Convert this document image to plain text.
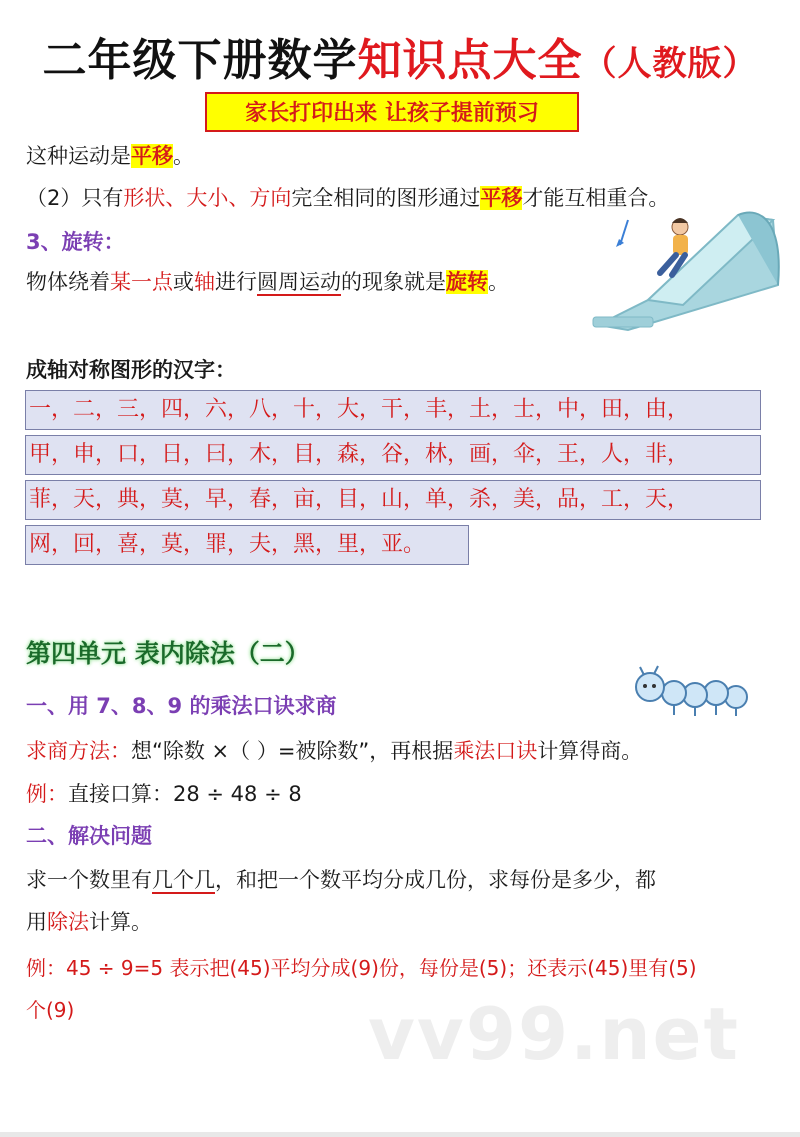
二年级下册数学知识点大全（人教版）
家长打印出来 让孩子提前预习
这种运动是平移。
（2）只有形状、大小、方向完全相同的图形通过平移才能互相重合。
3、旋转：
物体绕着某一点或轴进行圆周运动的现象就是旋转。
成轴对称图形的汉字：
一，二，三，四，六，八，十，大，干，丰，土，士，中，田，由，
甲，申，口，日，曰，木，目，森，谷，林，画，伞，王，人，非，
菲，天，典，莫，早，春，亩，目，山，单，杀，美，品，工，天，
网，回，喜，莫，罪，夫，黑，里，亚。
第四单元 表内除法（二）
一、用 7、8、9 的乘法口诀求商
求商方法：想“除数 ×（ ）=被除数”，再根据乘法口诀计算得商。
例：直接口算：28 ÷ 48 ÷ 8
二、解决问题
求一个数里有几个几，和把一个数平均分成几份，求每份是多少，都
用除法计算。
例：45 ÷ 9=5 表示把(45)平均分成(9)份，每份是(5)；还表示(45)里有(5)
个(9)	vv99.net
